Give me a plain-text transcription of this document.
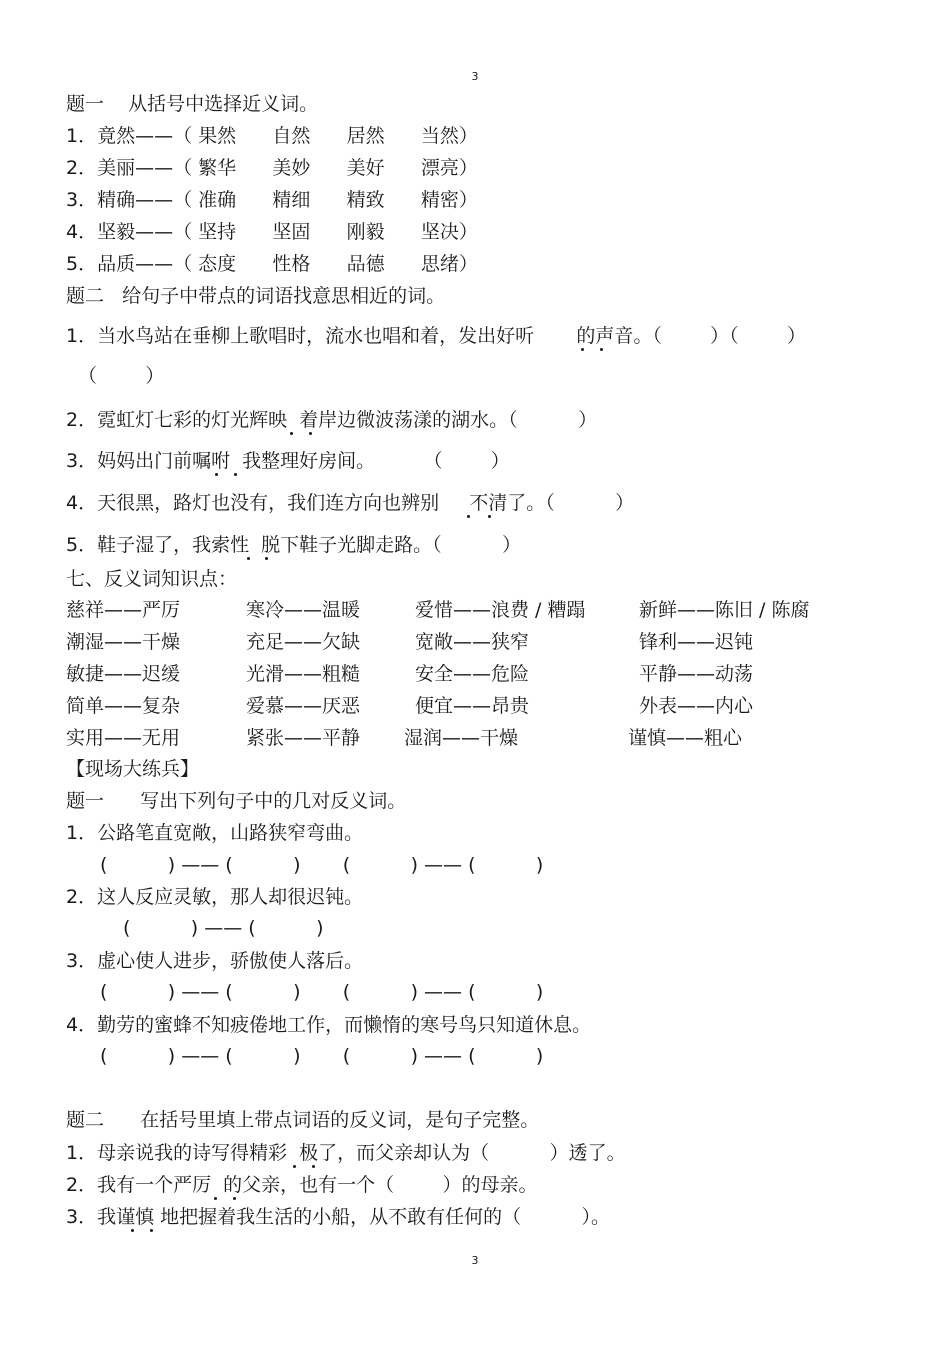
3
题一    从括号中选择近义词。
1．竟然——（ 果然      自然      居然      当然）
2．美丽——（ 繁华      美妙      美好      漂亮）
3．精确——（ 准确      精细      精致      精密）
4．坚毅——（ 坚持      坚固      刚毅      坚决）
5．品质——（ 态度      性格      品德      思绪）
题二   给句子中带点的词语找意思相近的词。
1．当水鸟站在垂柳上歌唱时，流水也唱和着，发出好听       的声音。（        ）（        ）
（        ）
2．霓虹灯七彩的灯光辉映  着岸边微波荡漾的湖水。（          ）
3．妈妈出门前嘱咐  我整理好房间。        （        ）
4．天很黑，路灯也没有，我们连方向也辨别     不清了。（          ）
5．鞋子湿了，我索性  脱下鞋子光脚走路。（          ）
七、反义词知识点：
慈祥——严厉	寒冷——温暖	爱惜——浪费 / 糟蹋	新鲜——陈旧 / 陈腐
潮湿——干燥	充足——欠缺	宽敞——狭窄	锋利——迟钝
敏捷——迟缓	光滑——粗糙	安全——危险	平静——动荡
简单——复杂	爱慕——厌恶	便宜——昂贵	外表——内心
实用——无用	紧张——平静 湿润——干燥	谨慎——粗心
【现场大练兵】
题一      写出下列句子中的几对反义词。
1．公路笔直宽敞，山路狭窄弯曲。
(          ) —— (          )       (          ) —— (          )
2．这人反应灵敏，那人却很迟钝。
(          ) —— (          )
3．虚心使人进步，骄傲使人落后。
(          ) —— (          )       (          ) —— (          )
4．勤劳的蜜蜂不知疲倦地工作，而懒惰的寒号鸟只知道休息。
(          ) —— (          )       (          ) —— (          )
题二      在括号里填上带点词语的反义词，是句子完整。
1．母亲说我的诗写得精彩  极了，而父亲却认为（          ）透了。
2．我有一个严厉  的父亲，也有一个（        ）的母亲。
3．我谨慎 地把握着我生活的小船，从不敢有任何的（          ）。
3
